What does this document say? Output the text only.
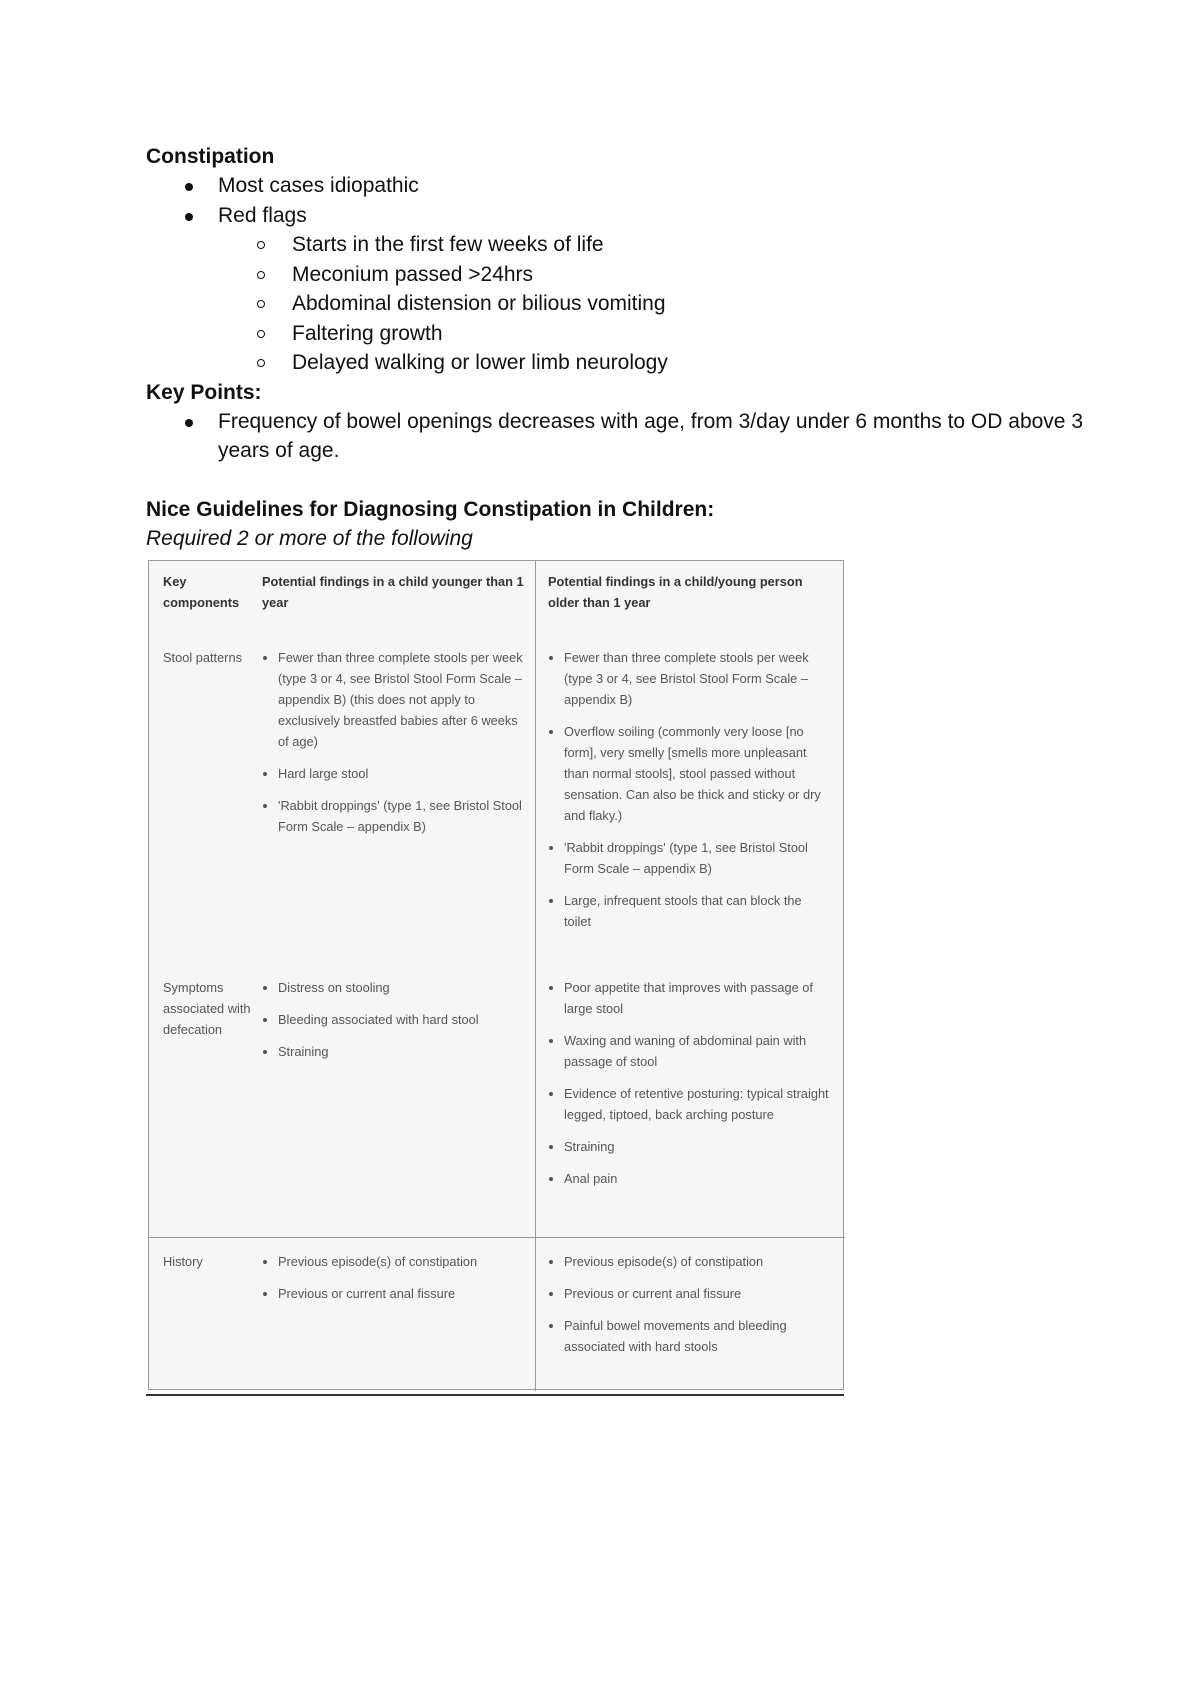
Constipation
Most cases idiopathic
Red flags
Starts in the first few weeks of life
Meconium passed >24hrs
Abdominal distension or bilious vomiting
Faltering growth
Delayed walking or lower limb neurology
Key Points:
Frequency of bowel openings decreases with age, from 3/day under 6 months to OD above 3 years of age.
Nice Guidelines for Diagnosing Constipation in Children:

Required 2 or more of the following

Key components
Potential findings in a child younger than 1 year
Potential findings in a child/young person older than 1 year
Stool patterns	Fewer than three complete stools per week (type 3 or 4, see Bristol Stool Form Scale – appendix B) (this does not apply to exclusively breastfed babies after 6 weeks of age)
Hard large stool
'Rabbit droppings' (type 1, see Bristol Stool Form Scale – appendix B)
Fewer than three complete stools per week (type 3 or 4, see Bristol Stool Form Scale – appendix B)
Overflow soiling (commonly very loose [no form], very smelly [smells more unpleasant than normal stools], stool passed without sensation. Can also be thick and sticky or dry and flaky.)
'Rabbit droppings' (type 1, see Bristol Stool Form Scale – appendix B)
Large, infrequent stools that can block the toilet
Symptoms associated with defecation
Distress on stooling
Bleeding associated with hard stool
Straining
Poor appetite that improves with passage of large stool
Waxing and waning of abdominal pain with passage of stool
Evidence of retentive posturing: typical straight legged, tiptoed, back arching posture
Straining
Anal pain
History	Previous episode(s) of constipation
Previous or current anal fissure
Previous episode(s) of constipation
Previous or current anal fissure
Painful bowel movements and bleeding associated with hard stools
